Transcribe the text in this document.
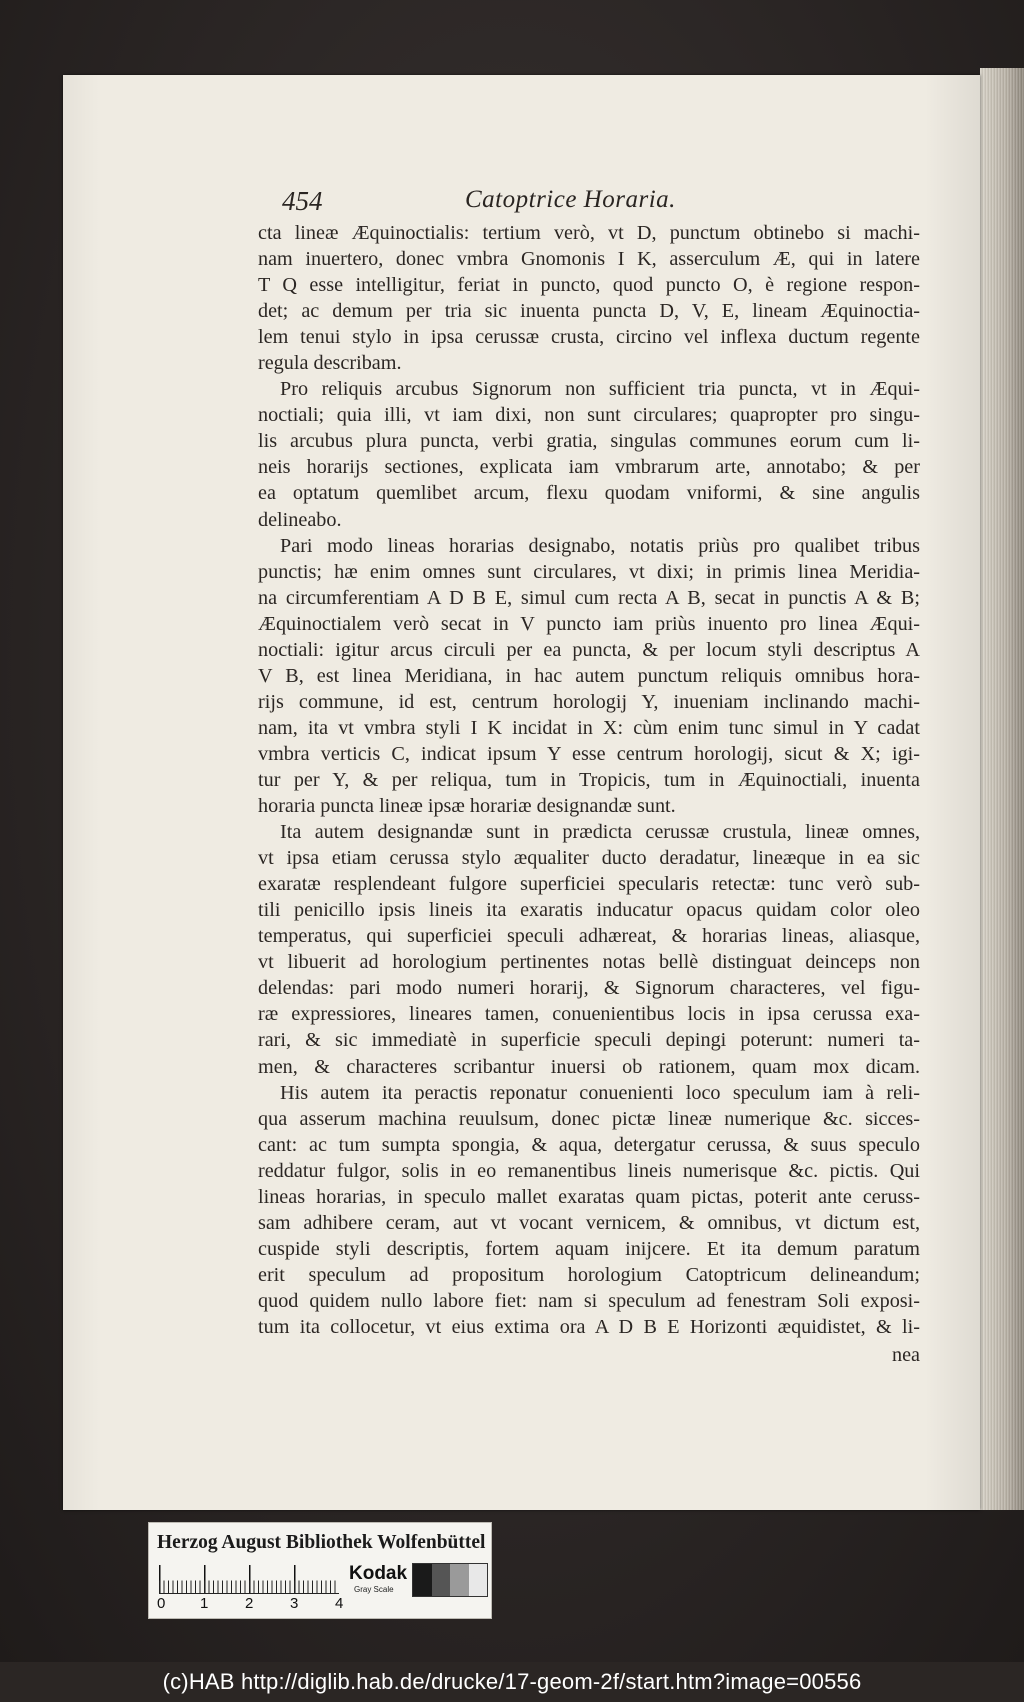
454	Catoptrice Horaria.
cta lineæ Æquinoctialis: tertium verò, vt D, punctum obtinebo si machi-
nam inuertero, donec vmbra Gnomonis I K, asserculum Æ, qui in latere
T Q esse intelligitur, feriat in puncto, quod puncto O, è regione respon-
det; ac demum per tria sic inuenta puncta D, V, E, lineam Æquinoctia-
lem tenui stylo in ipsa cerussæ crusta, circino vel inflexa ductum regente
regula describam.
Pro reliquis arcubus Signorum non sufficient tria puncta, vt in Æqui-
noctiali; quia illi, vt iam dixi, non sunt circulares; quapropter pro singu-
lis arcubus plura puncta, verbi gratia, singulas communes eorum cum li-
neis horarijs sectiones, explicata iam vmbrarum arte, annotabo; & per
ea optatum quemlibet arcum, flexu quodam vniformi, & sine angulis
delineabo.
Pari modo lineas horarias designabo, notatis priùs pro qualibet tribus
punctis; hæ enim omnes sunt circulares, vt dixi; in primis linea Meridia-
na circumferentiam A D B E, simul cum recta A B, secat in punctis A & B;
Æquinoctialem verò secat in V puncto iam priùs inuento pro linea Æqui-
noctiali: igitur arcus circuli per ea puncta, & per locum styli descriptus A
V B, est linea Meridiana, in hac autem punctum reliquis omnibus hora-
rijs commune, id est, centrum horologij Y, inueniam inclinando machi-
nam, ita vt vmbra styli I K incidat in X: cùm enim tunc simul in Y cadat
vmbra verticis C, indicat ipsum Y esse centrum horologij, sicut & X; igi-
tur per Y, & per reliqua, tum in Tropicis, tum in Æquinoctiali, inuenta
horaria puncta lineæ ipsæ horariæ designandæ sunt.
Ita autem designandæ sunt in prædicta cerussæ crustula, lineæ omnes,
vt ipsa etiam cerussa stylo æqualiter ducto deradatur, lineæque in ea sic
exaratæ resplendeant fulgore superficiei specularis retectæ: tunc verò sub-
tili penicillo ipsis lineis ita exaratis inducatur opacus quidam color oleo
temperatus, qui superficiei speculi adhæreat, & horarias lineas, aliasque,
vt libuerit ad horologium pertinentes notas bellè distinguat deinceps non
delendas: pari modo numeri horarij, & Signorum characteres, vel figu-
ræ expressiores, lineares tamen, conuenientibus locis in ipsa cerussa exa-
rari, & sic immediatè in superficie speculi depingi poterunt: numeri ta-
men, & characteres scribantur inuersi ob rationem, quam mox dicam.
His autem ita peractis reponatur conuenienti loco speculum iam à reli-
qua asserum machina reuulsum, donec pictæ lineæ numerique &c. sicces-
cant: ac tum sumpta spongia, & aqua, detergatur cerussa, & suus speculo
reddatur fulgor, solis in eo remanentibus lineis numerisque &c. pictis. Qui
lineas horarias, in speculo mallet exaratas quam pictas, poterit ante ceruss-
sam adhibere ceram, aut vt vocant vernicem, & omnibus, vt dictum est,
cuspide styli descriptis, fortem aquam inijcere. Et ita demum paratum
erit speculum ad propositum horologium Catoptricum delineandum;
quod quidem nullo labore fiet: nam si speculum ad fenestram Soli exposi-
tum ita collocetur, vt eius extima ora A D B E Horizonti æquidistet, & li-
nea
Herzog August Bibliothek Wolfenbüttel
0 1 2 3 4
Kodak
Gray Scale
(c)HAB http://diglib.hab.de/drucke/17-geom-2f/start.htm?image=00556
